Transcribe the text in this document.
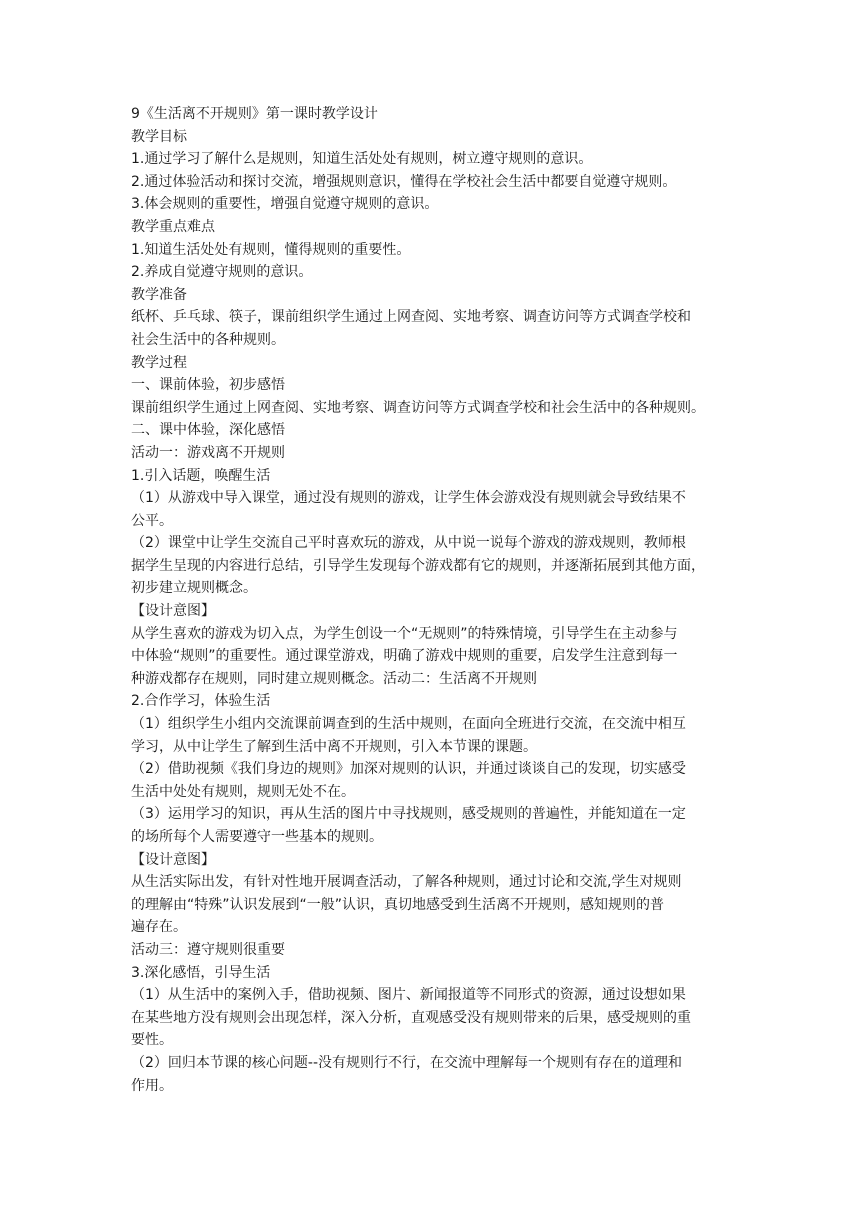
9《生活离不开规则》第一课时教学设计
教学目标
1.通过学习了解什么是规则，知道生活处处有规则，树立遵守规则的意识。
2.通过体验活动和探讨交流，增强规则意识，懂得在学校社会生活中都要自觉遵守规则。
3.体会规则的重要性，增强自觉遵守规则的意识。
教学重点难点
1.知道生活处处有规则，懂得规则的重要性。
2.养成自觉遵守规则的意识。
教学准备
纸杯、乒乓球、筷子，课前组织学生通过上网查阅、实地考察、调查访问等方式调查学校和
社会生活中的各种规则。
教学过程
一、课前体验，初步感悟
课前组织学生通过上网查阅、实地考察、调查访问等方式调查学校和社会生活中的各种规则。
二、课中体验，深化感悟
活动一：游戏离不开规则
1.引入话题，唤醒生活
（1）从游戏中导入课堂，通过没有规则的游戏，让学生体会游戏没有规则就会导致结果不
公平。
（2）课堂中让学生交流自己平时喜欢玩的游戏，从中说一说每个游戏的游戏规则，教师根
据学生呈现的内容进行总结，引导学生发现每个游戏都有它的规则，并逐渐拓展到其他方面，
初步建立规则概念。
【设计意图】
从学生喜欢的游戏为切入点，为学生创设一个“无规则”的特殊情境，引导学生在主动参与
中体验“规则”的重要性。通过课堂游戏，明确了游戏中规则的重要，启发学生注意到每一
种游戏都存在规则，同时建立规则概念。活动二：生活离不开规则
2.合作学习，体验生活
（1）组织学生小组内交流课前调查到的生活中规则，在面向全班进行交流，在交流中相互
学习，从中让学生了解到生活中离不开规则，引入本节课的课题。
（2）借助视频《我们身边的规则》加深对规则的认识，并通过谈谈自己的发现，切实感受
生活中处处有规则，规则无处不在。
（3）运用学习的知识，再从生活的图片中寻找规则，感受规则的普遍性，并能知道在一定
的场所每个人需要遵守一些基本的规则。
【设计意图】
从生活实际出发，有针对性地开展调查活动，了解各种规则，通过讨论和交流,学生对规则
的理解由“特殊”认识发展到“一般”认识，真切地感受到生活离不开规则，感知规则的普
遍存在。
活动三：遵守规则很重要
3.深化感悟，引导生活
（1）从生活中的案例入手，借助视频、图片、新闻报道等不同形式的资源，通过设想如果
在某些地方没有规则会出现怎样，深入分析，直观感受没有规则带来的后果，感受规则的重
要性。
（2）回归本节课的核心问题--没有规则行不行，在交流中理解每一个规则有存在的道理和
作用。
